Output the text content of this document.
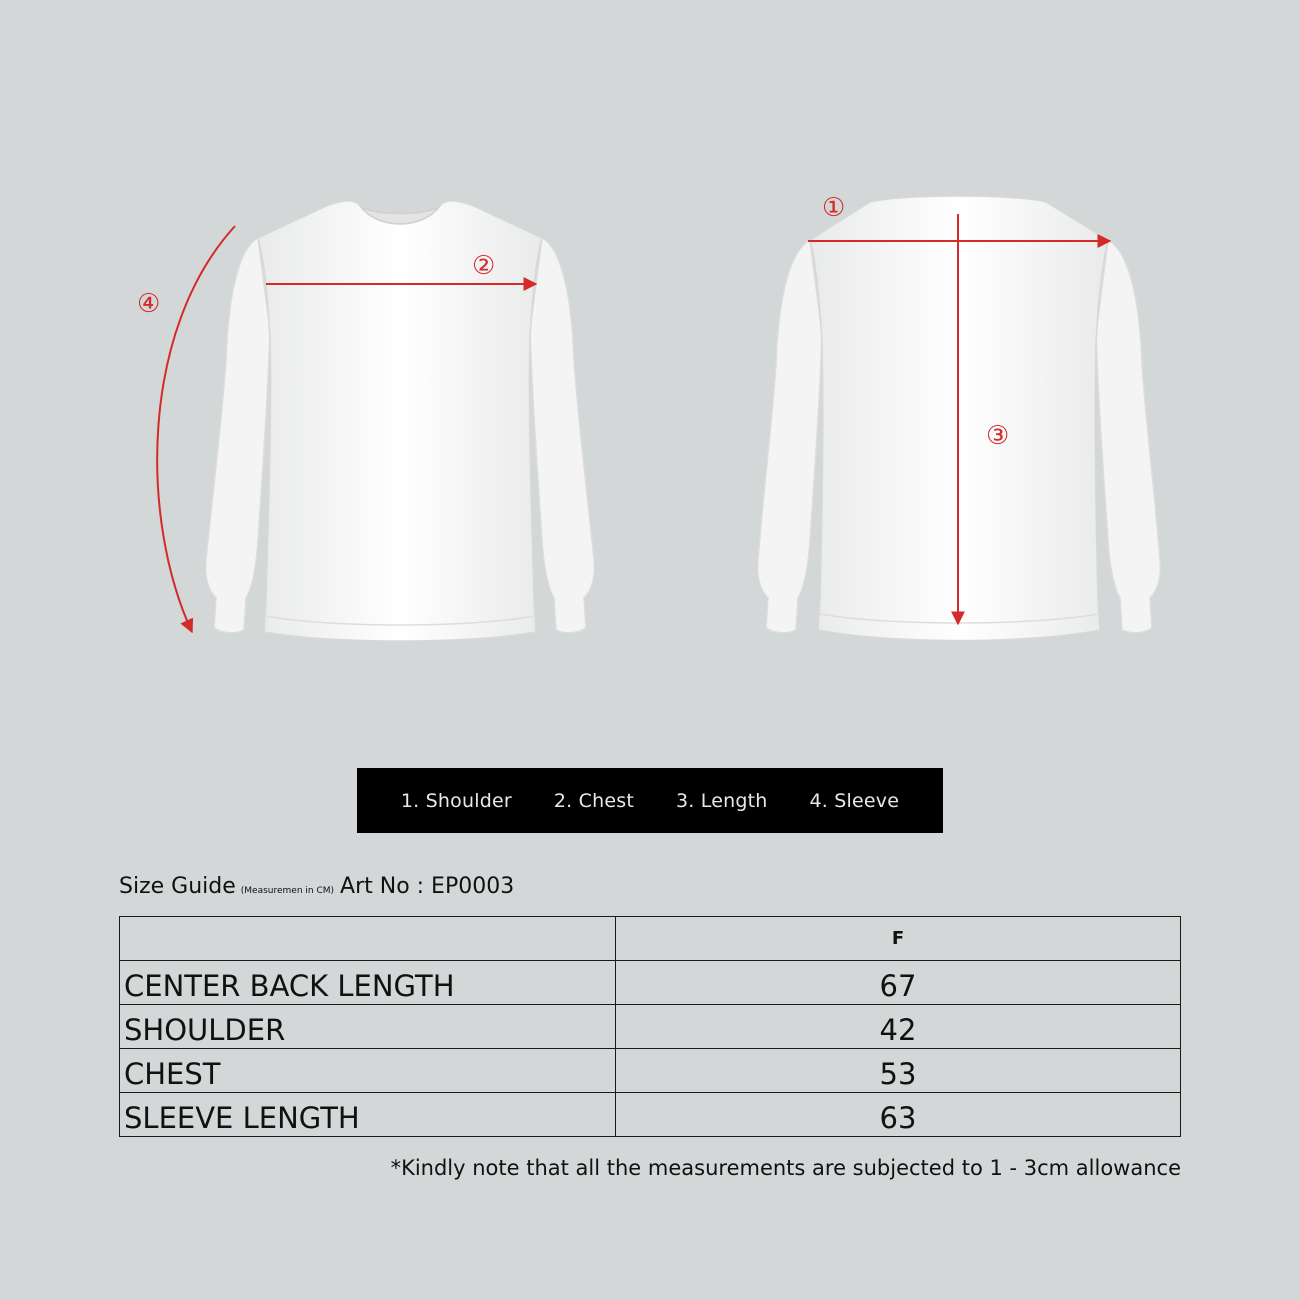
④
②
①
③
1. Shoulder 2. Chest 3. Length 4. Sleeve
Size Guide (Measuremen in CM) Art No : EP0003
	F
CENTER BACK LENGTH	67
SHOULDER	42
CHEST	53
SLEEVE LENGTH	63
*Kindly note that all the measurements are subjected to 1 - 3cm allowance
